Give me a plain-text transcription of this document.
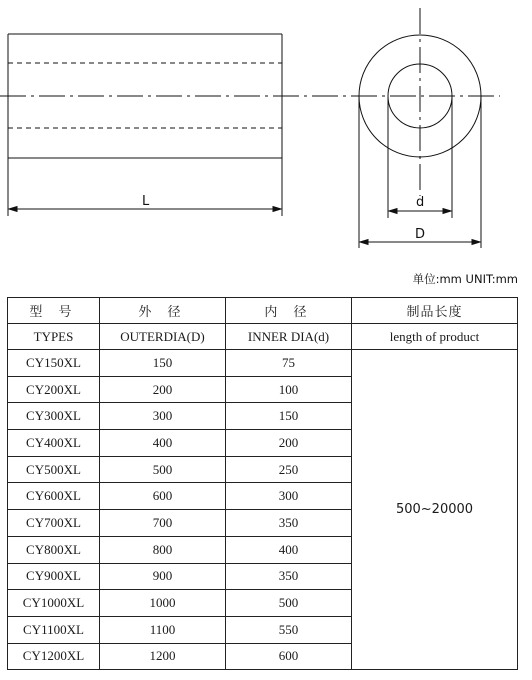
L	d
D
单位:mm UNIT:mm
型 号	外 径	内 径	制品长度
TYPES	OUTERDIA(D)	INNER DIA(d)	length of product
CY150XL	150	75	500~20000
CY200XL	200	100	
CY300XL	300	150	
CY400XL	400	200	
CY500XL	500	250	
CY600XL	600	300	
CY700XL	700	350	
CY800XL	800	400	
CY900XL	900	350	
CY1000XL	1000	500	
CY1100XL	1100	550	
CY1200XL	1200	600	
